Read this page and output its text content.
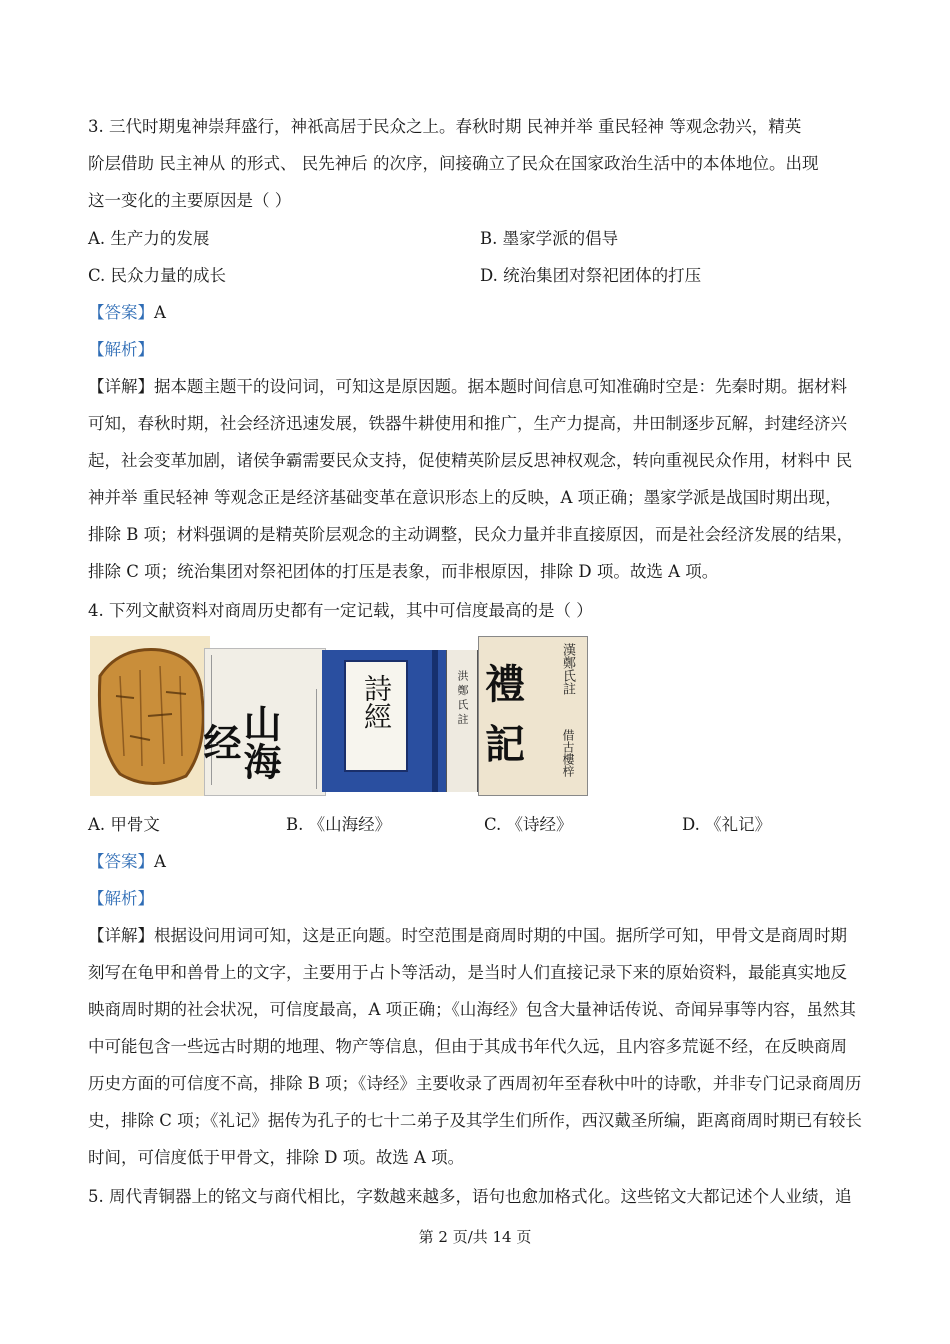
3. 三代时期鬼神崇拜盛行，神祇高居于民众之上。春秋时期 民神并举 重民轻神 等观念勃兴，精英
阶层借助 民主神从 的形式、 民先神后 的次序，间接确立了民众在国家政治生活中的本体地位。出现
这一变化的主要原因是（ ）
A. 生产力的发展	B. 墨家学派的倡导
C. 民众力量的成长	D. 统治集团对祭祀团体的打压
【答案】A
【解析】
【详解】据本题主题干的设问词，可知这是原因题。据本题时间信息可知准确时空是：先秦时期。据材料
可知，春秋时期，社会经济迅速发展，铁器牛耕使用和推广，生产力提高，井田制逐步瓦解，封建经济兴
起，社会变革加剧，诸侯争霸需要民众支持，促使精英阶层反思神权观念，转向重视民众作用，材料中 民
神并举 重民轻神 等观念正是经济基础变革在意识形态上的反映，A 项正确；墨家学派是战国时期出现，
排除 B 项；材料强调的是精英阶层观念的主动调整，民众力量并非直接原因，而是社会经济发展的结果，
排除 C 项；统治集团对祭祀团体的打压是表象，而非根原因，排除 D 项。故选 A 项。
4. 下列文献资料对商周历史都有一定记载，其中可信度最高的是（ ）
山海经
詩經	洪 鄭 氏 註 禮
記
漢鄭氏註
借古樓梓
A. 甲骨文	B. 《山海经》	C. 《诗经》	D. 《礼记》
【答案】A
【解析】
【详解】根据设问用词可知，这是正向题。时空范围是商周时期的中国。据所学可知，甲骨文是商周时期
刻写在龟甲和兽骨上的文字，主要用于占卜等活动，是当时人们直接记录下来的原始资料，最能真实地反
映商周时期的社会状况，可信度最高，A 项正确；《山海经》包含大量神话传说、奇闻异事等内容，虽然其
中可能包含一些远古时期的地理、物产等信息，但由于其成书年代久远，且内容多荒诞不经，在反映商周
历史方面的可信度不高，排除 B 项；《诗经》主要收录了西周初年至春秋中叶的诗歌，并非专门记录商周历
史，排除 C 项；《礼记》据传为孔子的七十二弟子及其学生们所作，西汉戴圣所编，距离商周时期已有较长
时间，可信度低于甲骨文，排除 D 项。故选 A 项。
5. 周代青铜器上的铭文与商代相比，字数越来越多，语句也愈加格式化。这些铭文大都记述个人业绩，追
第 2 页/共 14 页
